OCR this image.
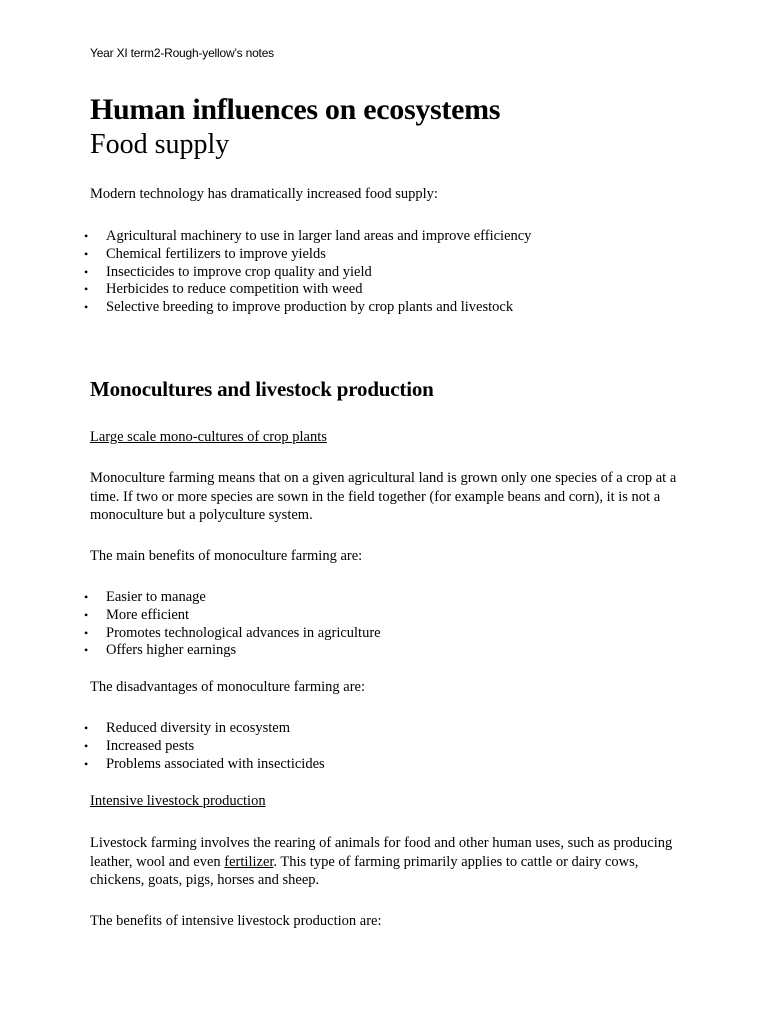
Year XI term2-Rough-yellow’s notes
Human influences on ecosystems
Food supply

Modern technology has dramatically increased food supply:

• Agricultural machinery to use in larger land areas and improve efficiency
• Chemical fertilizers to improve yields
• Insecticides to improve crop quality and yield
• Herbicides to reduce competition with weed
• Selective breeding to improve production by crop plants and livestock
Monocultures and livestock production

Large scale mono-cultures of crop plants

Monoculture farming means that on a given agricultural land is grown only one species of a crop at a time. If two or more species are sown in the field together (for example beans and corn), it is not a monoculture but a polyculture system.

The main benefits of monoculture farming are:

• Easier to manage
• More efficient
• Promotes technological advances in agriculture
• Offers higher earnings

The disadvantages of monoculture farming are:

• Reduced diversity in ecosystem
• Increased pests
• Problems associated with insecticides

Intensive livestock production

Livestock farming involves the rearing of animals for food and other human uses, such as producing leather, wool and even fertilizer. This type of farming primarily applies to cattle or dairy cows, chickens, goats, pigs, horses and sheep.

The benefits of intensive livestock production are:
